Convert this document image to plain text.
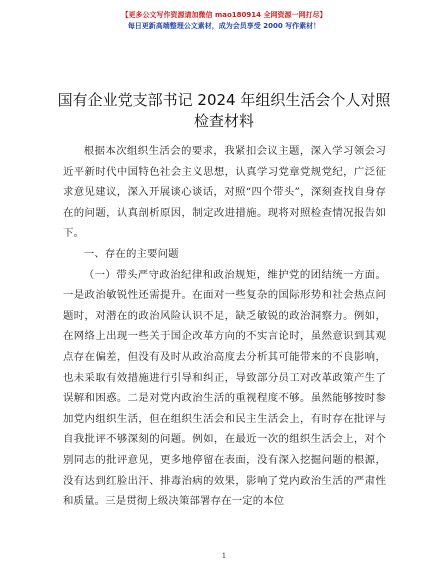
【更多公文写作资源请加微信 mao180914 全网资源一网打尽】
每日更新高端整理公文素材，成为会员享受 2000 写作素材！
国有企业党支部书记 2024 年组织生活会个人对照检查材料

根据本次组织生活会的要求，我紧扣会议主题，深入学习领会习近平新时代中国特色社会主义思想，认真学习党章党规党纪，广泛征求意见建议，深入开展谈心谈话，对照“四个带头”，深刻查找自身存在的问题，认真剖析原因，制定改进措施。现将对照检查情况报告如下。

一、存在的主要问题

（一）带头严守政治纪律和政治规矩，维护党的团结统一方面。一是政治敏锐性还需提升。在面对一些复杂的国际形势和社会热点问题时，对潜在的政治风险认识不足，缺乏敏锐的政治洞察力。例如，在网络上出现一些关于国企改革方向的不实言论时，虽然意识到其观点存在偏差，但没有及时从政治高度去分析其可能带来的不良影响，也未采取有效措施进行引导和纠正，导致部分员工对改革政策产生了误解和困惑。二是对党内政治生活的重视程度不够。虽然能够按时参加党内组织生活，但在组织生活会和民主生活会上，有时存在批评与自我批评不够深刻的问题。例如，在最近一次的组织生活会上，对个别同志的批评意见，更多地停留在表面，没有深入挖掘问题的根源，没有达到红脸出汗、排毒治病的效果，影响了党内政治生活的严肃性和质量。三是贯彻上级决策部署存在一定的本位

1
